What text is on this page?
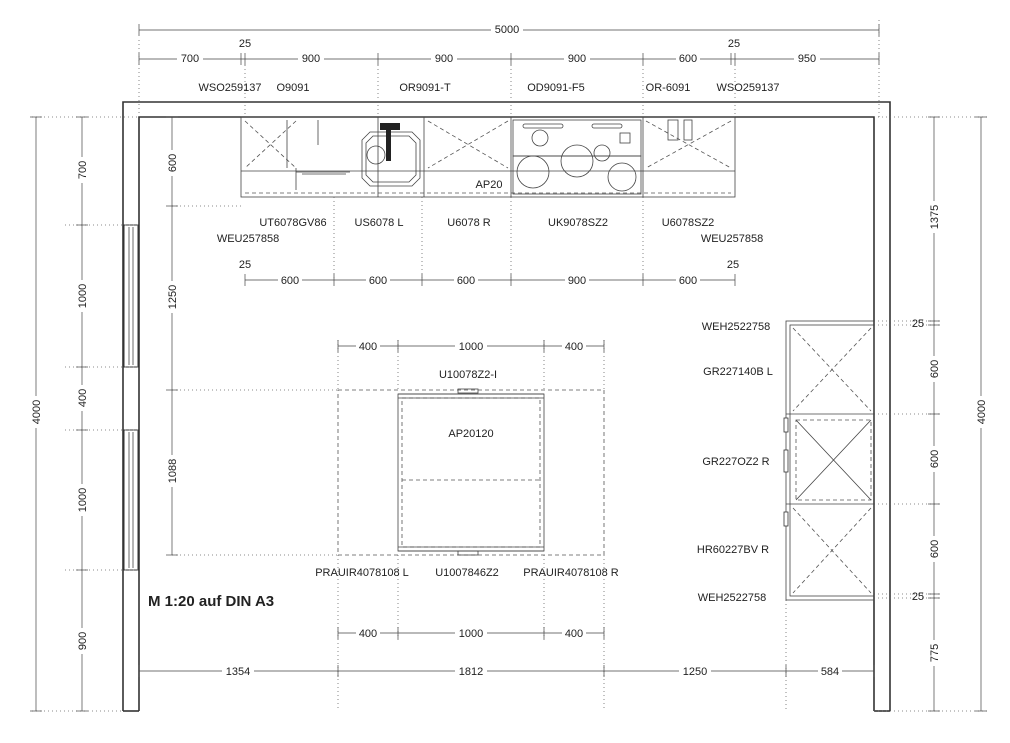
5000
700	900	900	900	600	950
25	25
WSO259137 O9091	OR9091-T	OD9091-F5	OR-6091 WSO259137
AP20
UT6078GV86	US6078 L	U6078 R	UK9078SZ2	U6078SZ2
WEU257858	WEU257858
600	600	600	900	600
25	25
AP20120
U10078Z2-I
400	1000	400
PRAUIR4078108 L U1007846Z2 PRAUIR4078108 R
400	1000	400
M 1:20 auf DIN A3
WEH2522758
GR227140B L
GR227OZ2 R
HR60227BV R
WEH2522758
1354	1812	1250	584
4000
700
1000
400
1000
900
600
1250
1088
4000
1375
600
600
600
775
25
25
